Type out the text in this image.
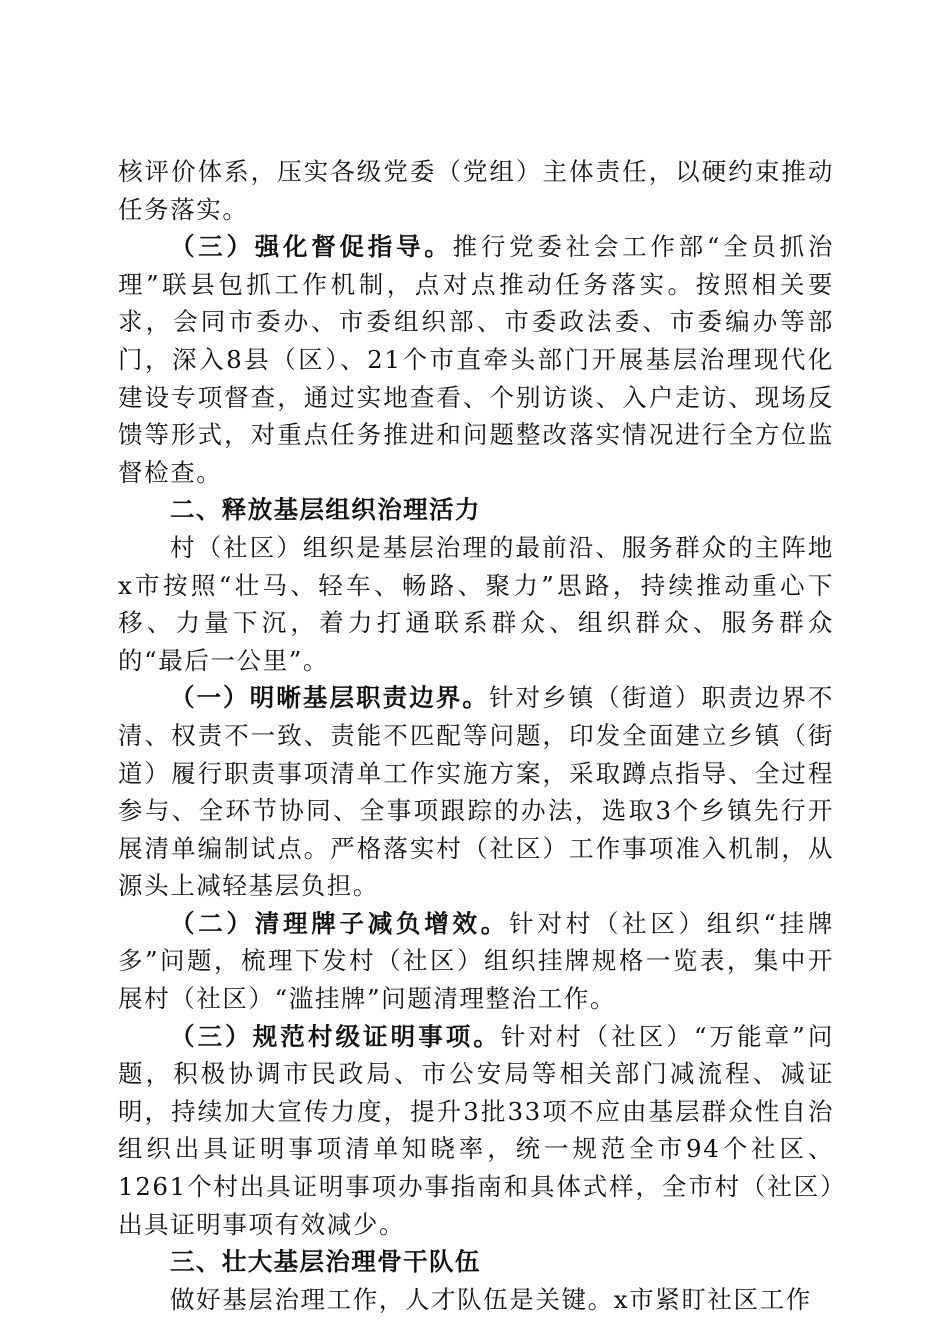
核评价体系，压实各级党委（党组）主体责任，以硬约束推动任务落实。

（三）强化督促指导。推行党委社会工作部“全员抓治理”联县包抓工作机制，点对点推动任务落实。按照相关要求，会同市委办、市委组织部、市委政法委、市委编办等部门，深入8县（区）、21个市直牵头部门开展基层治理现代化建设专项督查，通过实地查看、个别访谈、入户走访、现场反馈等形式，对重点任务推进和问题整改落实情况进行全方位监督检查。

二、释放基层组织治理活力

村（社区）组织是基层治理的最前沿、服务群众的主阵地x市按照“壮马、轻车、畅路、聚力”思路，持续推动重心下移、力量下沉，着力打通联系群众、组织群众、服务群众的“最后一公里”。

（一）明晰基层职责边界。针对乡镇（街道）职责边界不清、权责不一致、责能不匹配等问题，印发全面建立乡镇（街道）履行职责事项清单工作实施方案，采取蹲点指导、全过程参与、全环节协同、全事项跟踪的办法，选取3个乡镇先行开展清单编制试点。严格落实村（社区）工作事项准入机制，从源头上减轻基层负担。

（二）清理牌子减负增效。针对村（社区）组织“挂牌多”问题，梳理下发村（社区）组织挂牌规格一览表，集中开展村（社区）“滥挂牌”问题清理整治工作。

（三）规范村级证明事项。针对村（社区）“万能章”问题，积极协调市民政局、市公安局等相关部门减流程、减证明，持续加大宣传力度，提升3批33项不应由基层群众性自治组织出具证明事项清单知晓率，统一规范全市94个社区、1261个村出具证明事项办事指南和具体式样，全市村（社区）出具证明事项有效减少。

三、壮大基层治理骨干队伍

做好基层治理工作，人才队伍是关键。x市紧盯社区工作
